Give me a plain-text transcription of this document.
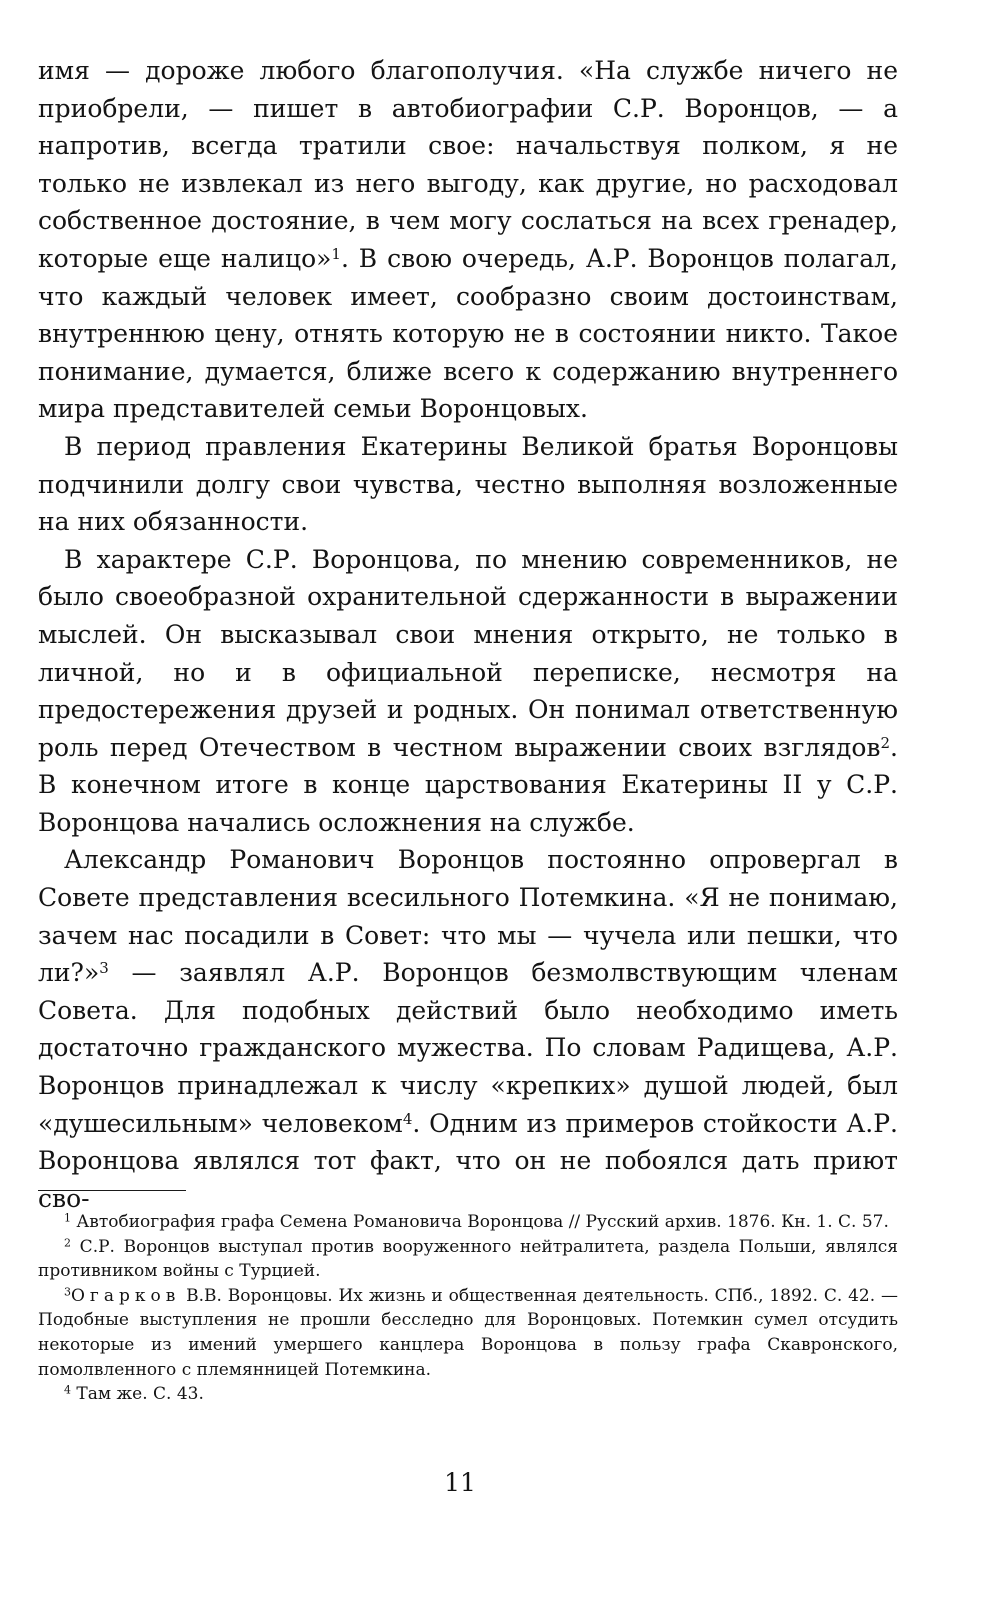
имя — дороже любого благополучия. «На службе ничего не приобрели, — пишет в автобиографии С.Р. Воронцов, — а напротив, всегда тратили свое: начальствуя полком, я не только не извлекал из него выгоду, как другие, но расходовал собственное достояние, в чем могу сослаться на всех гренадер, которые еще налицо»$^1$. В свою очередь, А.Р. Воронцов полагал, что каждый человек имеет, сообразно своим достоинствам, внутреннюю цену, отнять которую не в состоянии никто. Такое понимание, думается, ближе всего к содержанию внутреннего мира представителей семьи Воронцовых.

В период правления Екатерины Великой братья Воронцовы подчинили долгу свои чувства, честно выполняя возложенные на них обязанности.

В характере С.Р. Воронцова, по мнению современников, не было своеобразной охранительной сдержанности в выражении мыслей. Он высказывал свои мнения открыто, не только в личной, но и в официальной переписке, несмотря на предостережения друзей и родных. Он понимал ответственную роль перед Отечеством в честном выражении своих взглядов$^2$. В конечном итоге в конце царствования Екатерины II у С.Р. Воронцова начались осложнения на службе.

Александр Романович Воронцов постоянно опровергал в Совете представления всесильного Потемкина. «Я не понимаю, зачем нас посадили в Совет: что мы — чучела или пешки, что ли?»$^3$ — заявлял А.Р. Воронцов безмолвствующим членам Совета. Для подобных действий было необходимо иметь достаточно гражданского мужества. По словам Радищева, А.Р. Воронцов принадлежал к числу «крепких» душой людей, был «душесильным» человеком$^4$. Одним из примеров стойкости А.Р. Воронцова являлся тот факт, что он не побоялся дать приют сво-

$^1$ Автобиография графа Семена Романовича Воронцова // Русский архив. 1876. Кн. 1. С. 57.

$^2$ С.Р. Воронцов выступал против вооруженного нейтралитета, раздела Польши, являлся противником войны с Турцией.

$^3$Огарков В.В. Воронцовы. Их жизнь и общественная деятельность. СПб., 1892. С. 42. — Подобные выступления не прошли бесследно для Воронцовых. Потемкин сумел отсудить некоторые из имений умершего канцлера Воронцова в пользу графа Скавронского, помолвленного с племянницей Потемкина.

$^4$ Там же. С. 43.

11
